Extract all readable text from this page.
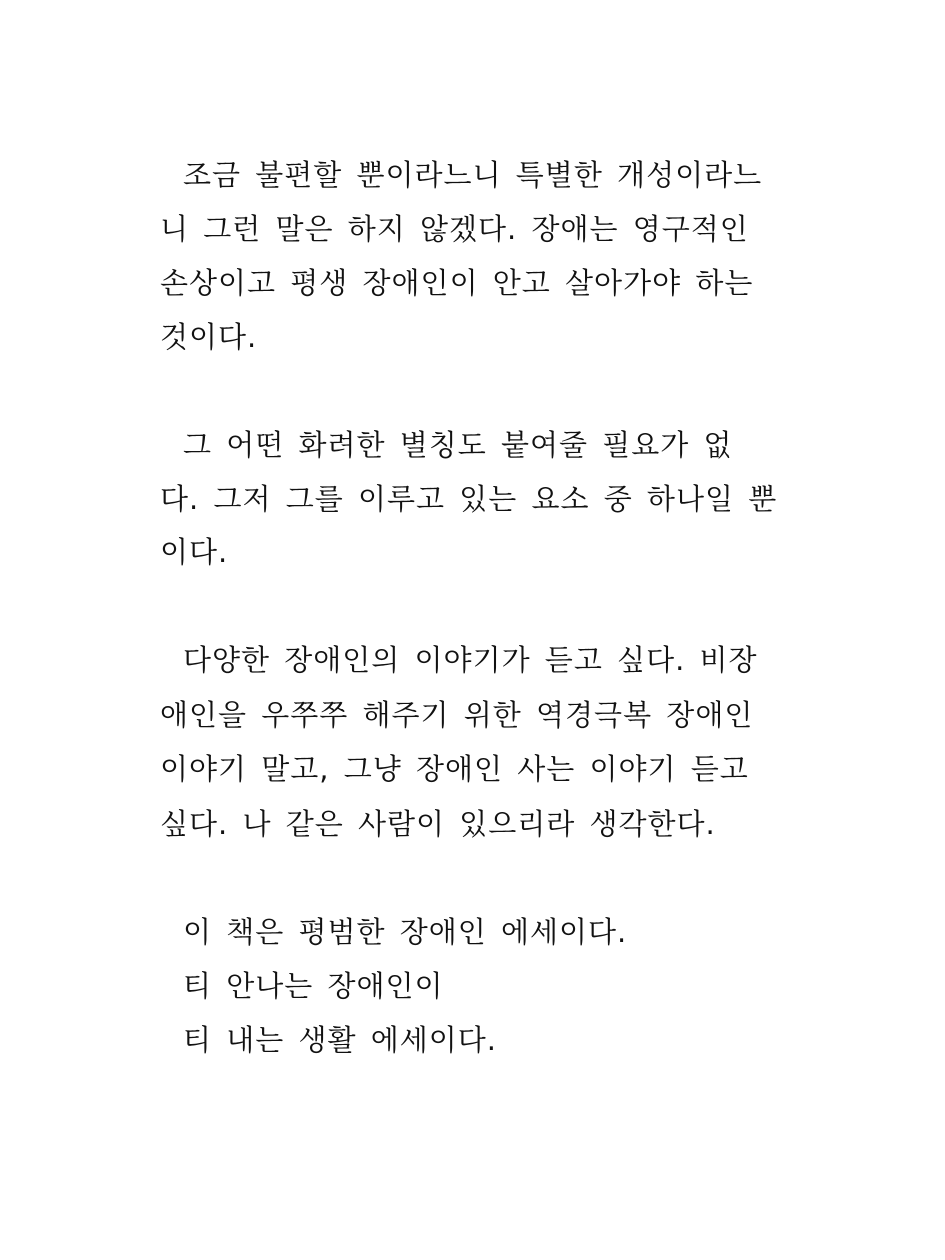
조금 불편할 뿐이라느니 특별한 개성이라느
니 그런 말은 하지 않겠다. 장애는 영구적인
손상이고 평생 장애인이 안고 살아가야 하는
것이다.
그 어떤 화려한 별칭도 붙여줄 필요가 없
다. 그저 그를 이루고 있는 요소 중 하나일 뿐
이다.
다양한 장애인의 이야기가 듣고 싶다. 비장
애인을 우쭈쭈 해주기 위한 역경극복 장애인
이야기 말고, 그냥 장애인 사는 이야기 듣고
싶다. 나 같은 사람이 있으리라 생각한다.
이 책은 평범한 장애인 에세이다.
티 안나는 장애인이
티 내는 생활 에세이다.
